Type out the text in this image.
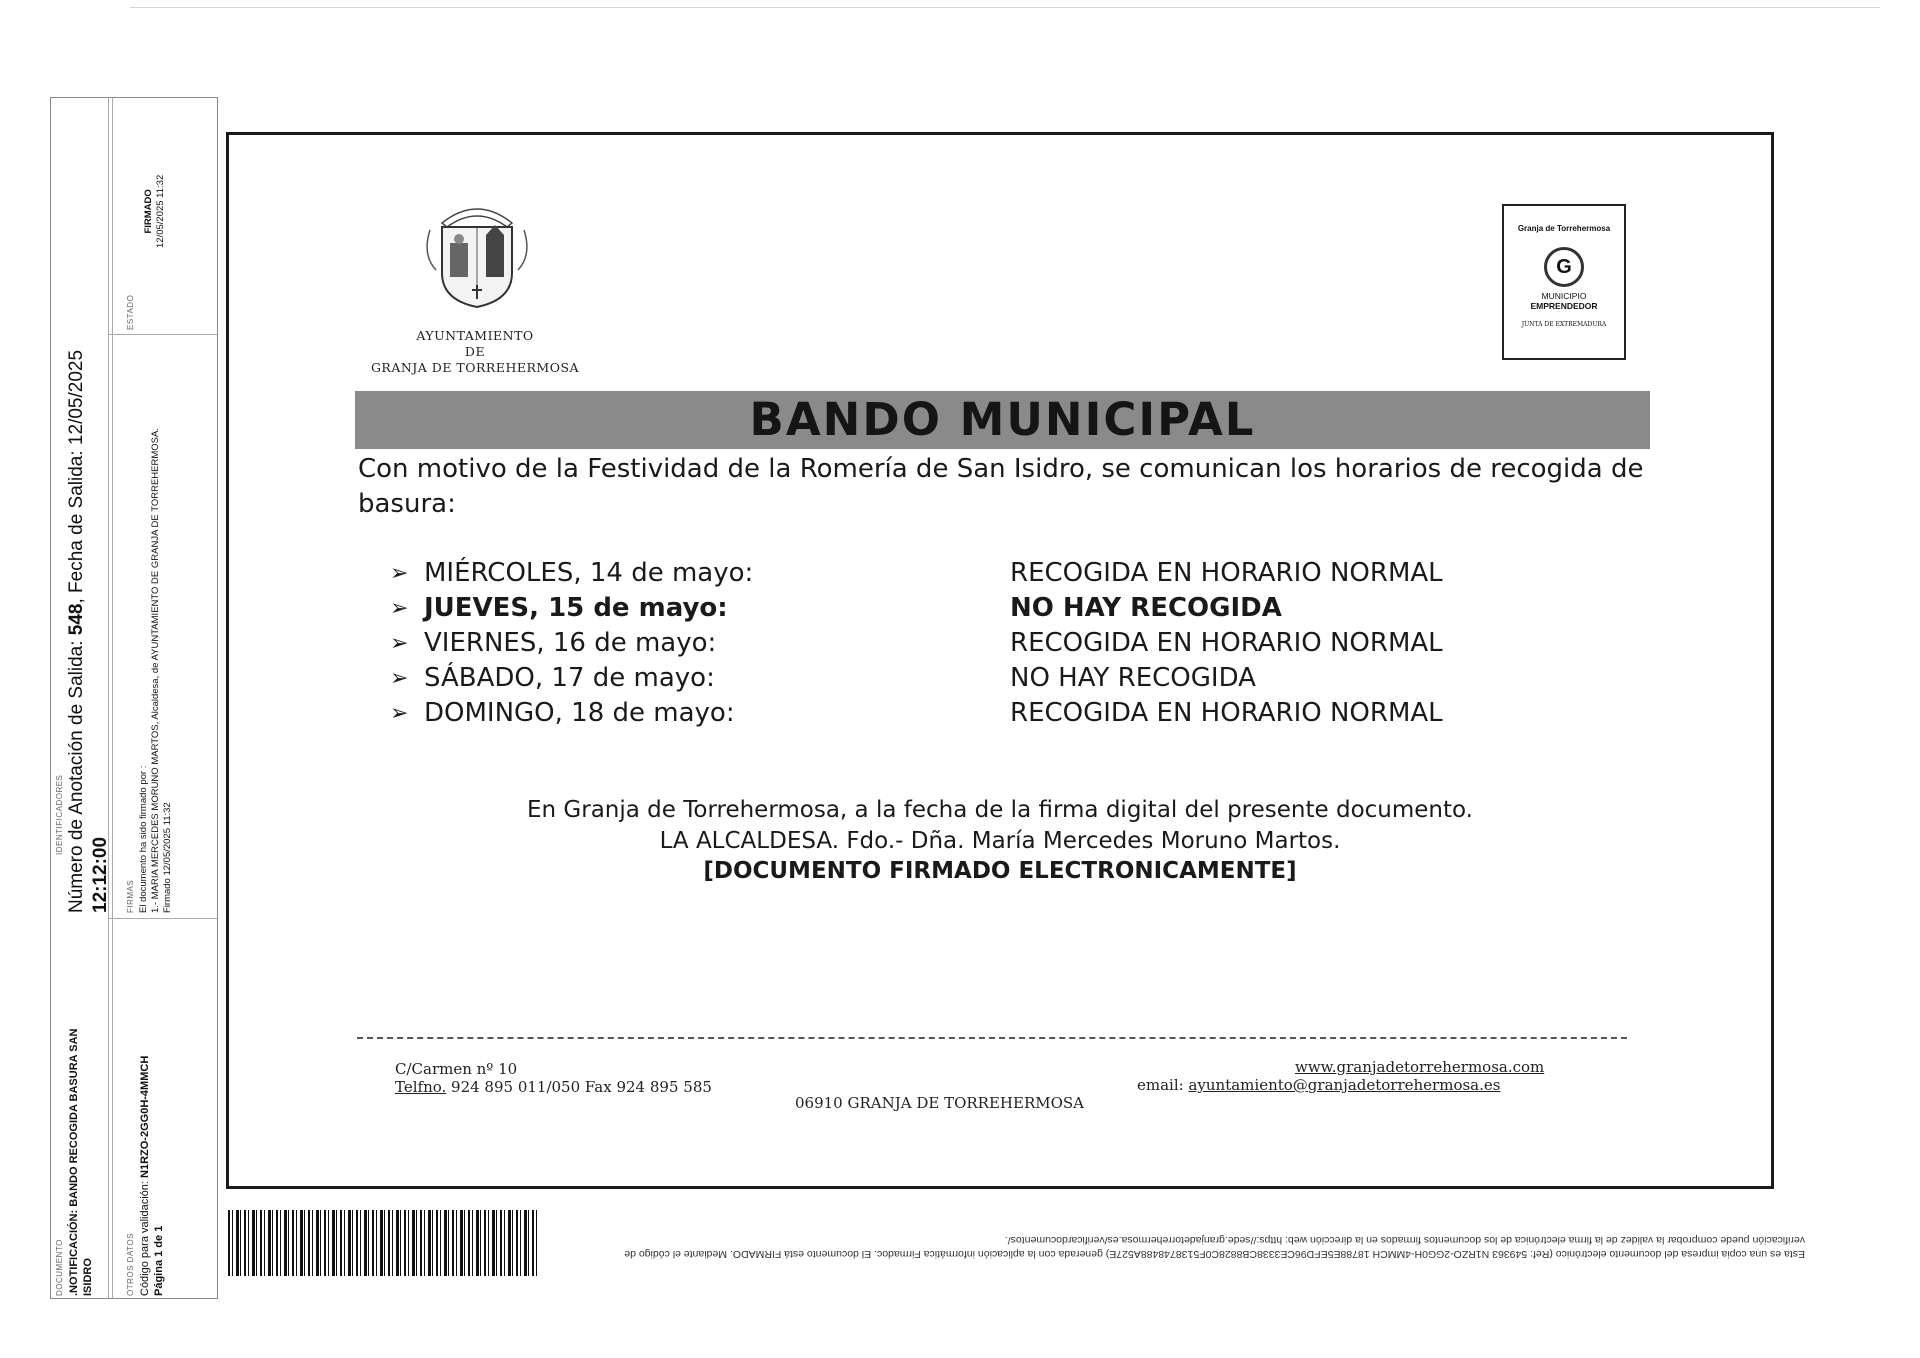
DOCUMENTO .NOTIFICACIÓN: BANDO RECOGIDA BASURA SAN ISIDRO
IDENTIFICADORES Número de Anotación de Salida: 548, Fecha de Salida: 12/05/2025
12:12:00
OTROS DATOS Código para validación: N1RZO-2GG0H-4MMCH
Página 1 de 1
FIRMAS El documento ha sido firmado por : 1.- MARIA MERCEDES MORUNO MARTOS, Alcaldesa, de AYUNTAMIENTO DE GRANJA DE TORREHERMOSA. Firmado 12/05/2025 11:32
ESTADO
FIRMADO 12/05/2025 11:32
AYUNTAMIENTO
DE
GRANJA DE TORREHERMOSA
Granja de Torrehermosa
G
MUNICIPIO
EMPRENDEDOR
JUNTA DE EXTREMADURA
BANDO MUNICIPAL
Con motivo de la Festividad de la Romería de San Isidro, se comunican los horarios de recogida de basura:
➢ MIÉRCOLES, 14 de mayo:	RECOGIDA EN HORARIO NORMAL
➢ JUEVES, 15 de mayo:	NO HAY RECOGIDA
➢ VIERNES, 16 de mayo:	RECOGIDA EN HORARIO NORMAL
➢ SÁBADO, 17 de mayo:	NO HAY RECOGIDA
➢ DOMINGO, 18 de mayo:	RECOGIDA EN HORARIO NORMAL
En Granja de Torrehermosa, a la fecha de la firma digital del presente documento.
LA ALCALDESA. Fdo.- Dña. María Mercedes Moruno Martos.
[DOCUMENTO FIRMADO ELECTRONICAMENTE]
C/Carmen nº 10
Telfno. 924 895 011/050 Fax 924 895 585
06910 GRANJA DE TORREHERMOSA
www.granjadetorrehermosa.com
email: ayuntamiento@granjadetorrehermosa.es
Esta es una copia impresa del documento electrónico (Ref: 549363 N1RZO-2GG0H-4MMCH 18788E5EFD96CE3338CB8828C0F5138748488A527E) generada con la aplicación informática Firmadoc. El documento está FIRMADO. Mediante el código de
verificación puede comprobar la validez de la firma electrónica de los documentos firmados en la dirección web: https://sede.granjadetorrehermosa.es/verificardocumentos/.
